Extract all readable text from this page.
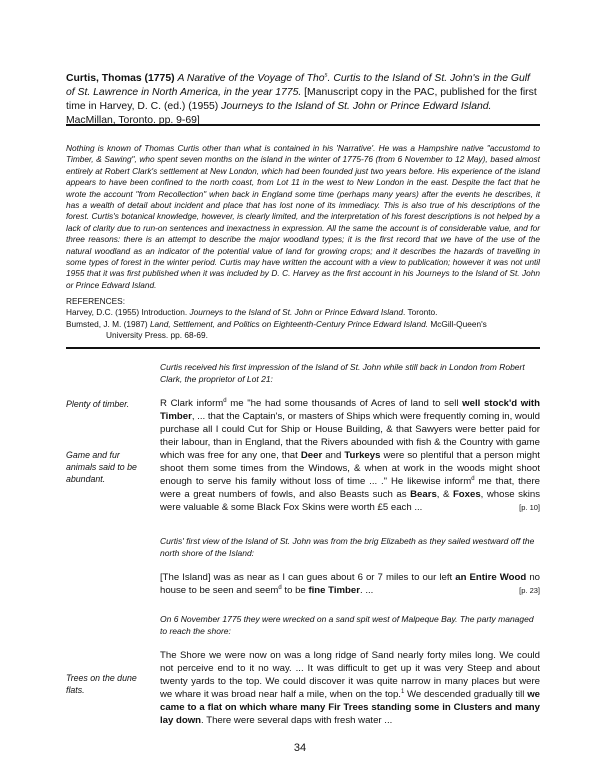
Curtis, Thomas (1775) A Narative of the Voyage of Tho$^s$. Curtis to the Island of St. John's in the Gulf of St. Lawrence in North America, in the year 1775. [Manuscript copy in the PAC, published for the first time in Harvey, D. C. (ed.) (1955) Journeys to the Island of St. John or Prince Edward Island. MacMillan, Toronto. pp. 9-69]
Nothing is known of Thomas Curtis other than what is contained in his 'Narrative'. He was a Hampshire native "accustomd to Timber, & Sawing", who spent seven months on the island in the winter of 1775-76 (from 6 November to 12 May), based almost entirely at Robert Clark's settlement at New London, which had been founded just two years before. His experience of the island appears to have been confined to the north coast, from Lot 11 in the west to New London in the east. Despite the fact that he wrote the account "from Recollection" when back in England some time (perhaps many years) after the events he describes, it has a wealth of detail about incident and place that has lost none of its immediacy. This is also true of his descriptions of the forest. Curtis's botanical knowledge, however, is clearly limited, and the interpretation of his forest descriptions is not helped by a lack of clarity due to run-on sentences and inexactness in expression. All the same the account is of considerable value, and for three reasons: there is an attempt to describe the major woodland types; it is the first record that we have of the use of the natural woodland as an indicator of the potential value of land for growing crops; and it describes the hazards of travelling in some types of forest in the winter period. Curtis may have written the account with a view to publication; however it was not until 1955 that it was first published when it was included by D. C. Harvey as the first account in his Journeys to the Island of St. John or Prince Edward Island.
REFERENCES:
Harvey, D.C. (1955) Introduction. Journeys to the Island of St. John or Prince Edward Island. Toronto.
Bumsted, J. M. (1987) Land, Settlement, and Politics on Eighteenth-Century Prince Edward Island. McGill-Queen's
University Press. pp. 68-69.
Curtis received his first impression of the Island of St. John while still back in London from Robert Clark, the proprietor of Lot 21:
Plenty of timber.
Game and fur animals said to be abundant.
R Clark inform$^d$ me "he had some thousands of Acres of land to sell well stock'd with Timber, ... that the Captain's, or masters of Ships which were frequently coming in, would purchase all I could Cut for Ship or House Building, & that Sawyers were better paid for their labour, than in England, that the Rivers abounded with fish & the Country with game which was free for any one, that Deer and Turkeys were so plentiful that a person might shoot them some times from the Windows, & when at work in the woods might shoot enough to serve his family without loss of time ... ." He likewise inform$^d$ me that, there were a great numbers of fowls, and also Beasts such as Bears, & Foxes, whose skins were valuable & some Black Fox Skins were worth £5 each ...	[p. 10]
Curtis' first view of the Island of St. John was from the brig Elizabeth as they sailed westward off the north shore of the Island:
[The Island] was as near as I can gues about 6 or 7 miles to our left an Entire Wood no house to be seen and seem$^d$ to be fine Timber. ...	[p. 23]
On 6 November 1775 they were wrecked on a sand spit west of Malpeque Bay. The party managed to reach the shore:
Trees on the dune flats.
The Shore we were now on was a long ridge of Sand nearly forty miles long. We could not perceive end to it no way. ... It was difficult to get up it was very Steep and about twenty yards to the top. We could discover it was quite narrow in many places but were we whare it was broad near half a mile, when on the top.$^1$ We descended gradually till we came to a flat on which whare many Fir Trees standing some in Clusters and many lay down. There were several daps with fresh water ...
34
